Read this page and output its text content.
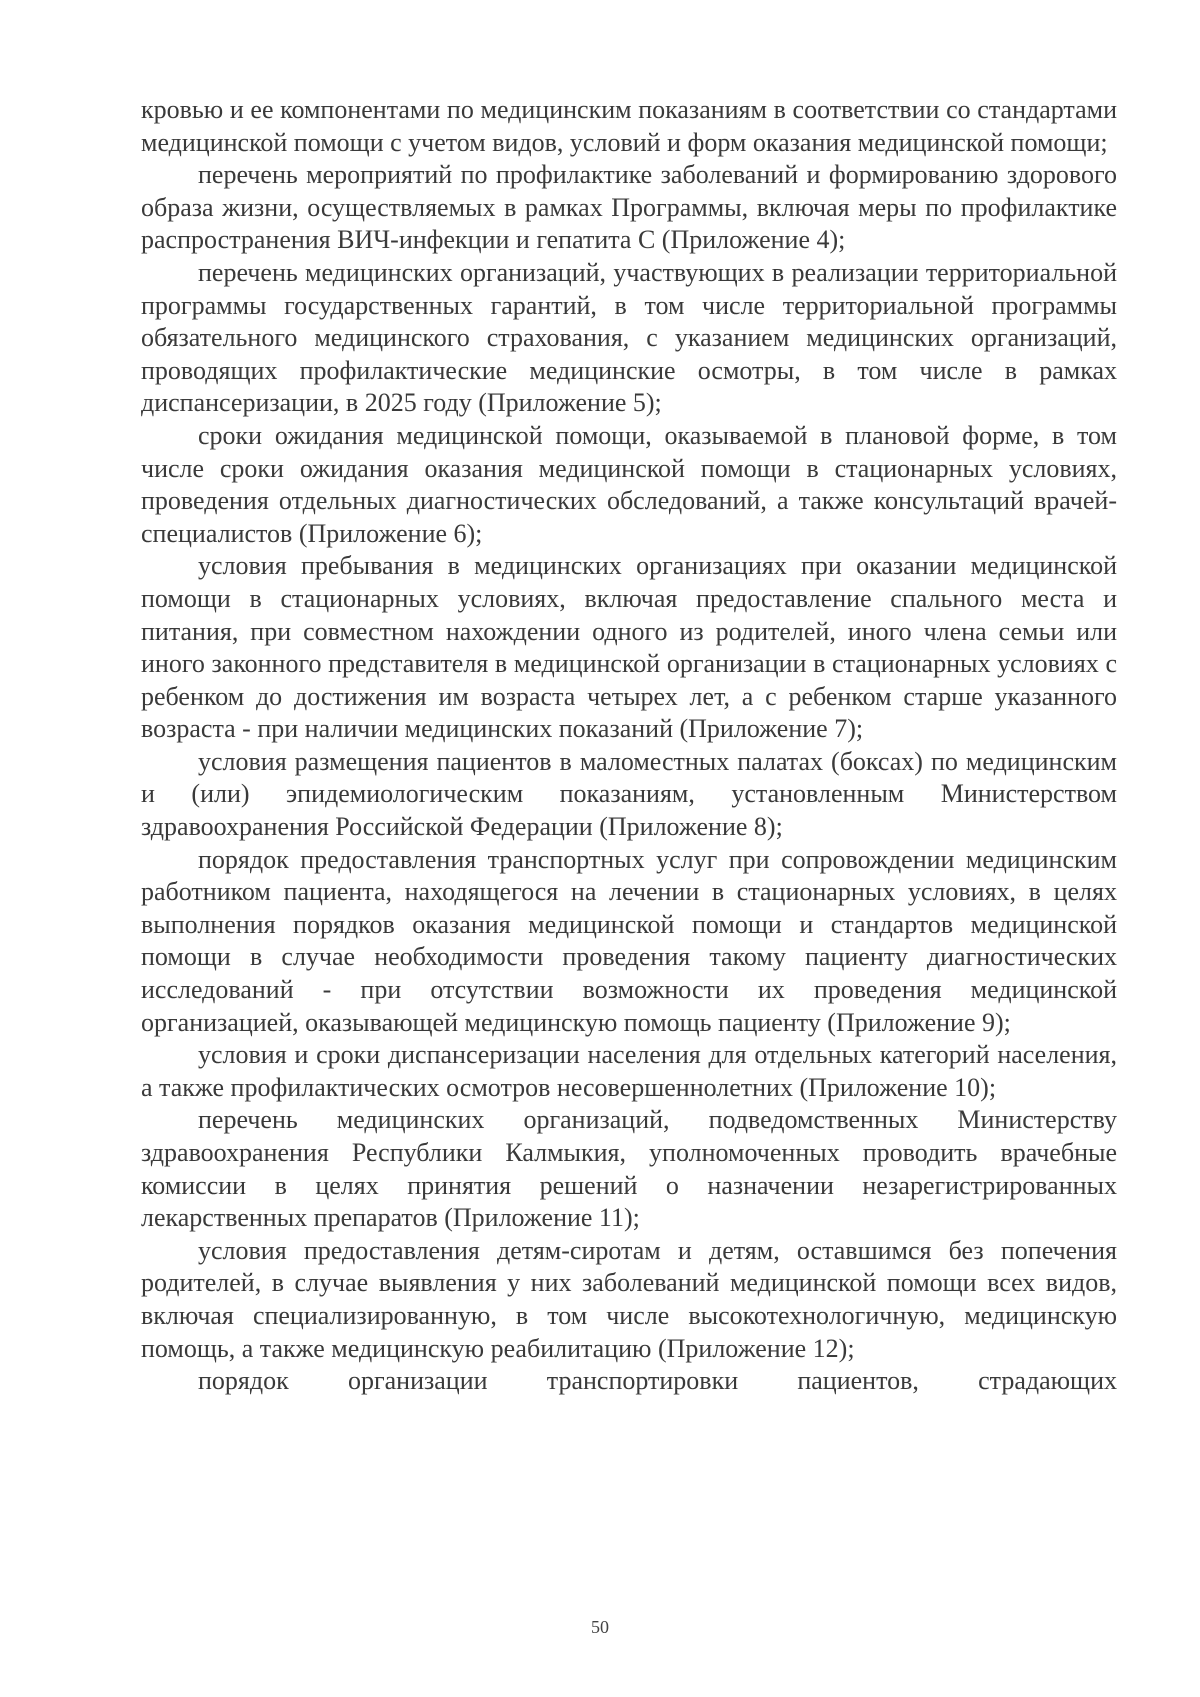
кровью и ее компонентами по медицинским показаниям в соответствии со стандартами медицинской помощи с учетом видов, условий и форм оказания медицинской помощи;

перечень мероприятий по профилактике заболеваний и формированию здорового образа жизни, осуществляемых в рамках Программы, включая меры по профилактике распространения ВИЧ-инфекции и гепатита С (Приложение 4);

перечень медицинских организаций, участвующих в реализации территориальной программы государственных гарантий, в том числе территориальной программы обязательного медицинского страхования, с указанием медицинских организаций, проводящих профилактические медицинские осмотры, в том числе в рамках диспансеризации, в 2025 году (Приложение 5);

сроки ожидания медицинской помощи, оказываемой в плановой форме, в том числе сроки ожидания оказания медицинской помощи в стационарных условиях, проведения отдельных диагностических обследований, а также консультаций врачей-специалистов (Приложение 6);

условия пребывания в медицинских организациях при оказании медицинской помощи в стационарных условиях, включая предоставление спального места и питания, при совместном нахождении одного из родителей, иного члена семьи или иного законного представителя в медицинской организации в стационарных условиях с ребенком до достижения им возраста четырех лет, а с ребенком старше указанного возраста - при наличии медицинских показаний (Приложение 7);

условия размещения пациентов в маломестных палатах (боксах) по медицинским и (или) эпидемиологическим показаниям, установленным Министерством здравоохранения Российской Федерации (Приложение 8);

порядок предоставления транспортных услуг при сопровождении медицинским работником пациента, находящегося на лечении в стационарных условиях, в целях выполнения порядков оказания медицинской помощи и стандартов медицинской помощи в случае необходимости проведения такому пациенту диагностических исследований - при отсутствии возможности их проведения медицинской организацией, оказывающей медицинскую помощь пациенту (Приложение 9);

условия и сроки диспансеризации населения для отдельных категорий населения, а также профилактических осмотров несовершеннолетних (Приложение 10);

перечень медицинских организаций, подведомственных Министерству здравоохранения Республики Калмыкия, уполномоченных проводить врачебные комиссии в целях принятия решений о назначении незарегистрированных лекарственных препаратов (Приложение 11);

условия предоставления детям-сиротам и детям, оставшимся без попечения родителей, в случае выявления у них заболеваний медицинской помощи всех видов, включая специализированную, в том числе высокотехнологичную, медицинскую помощь, а также медицинскую реабилитацию (Приложение 12);

порядок организации транспортировки пациентов, страдающих

50
